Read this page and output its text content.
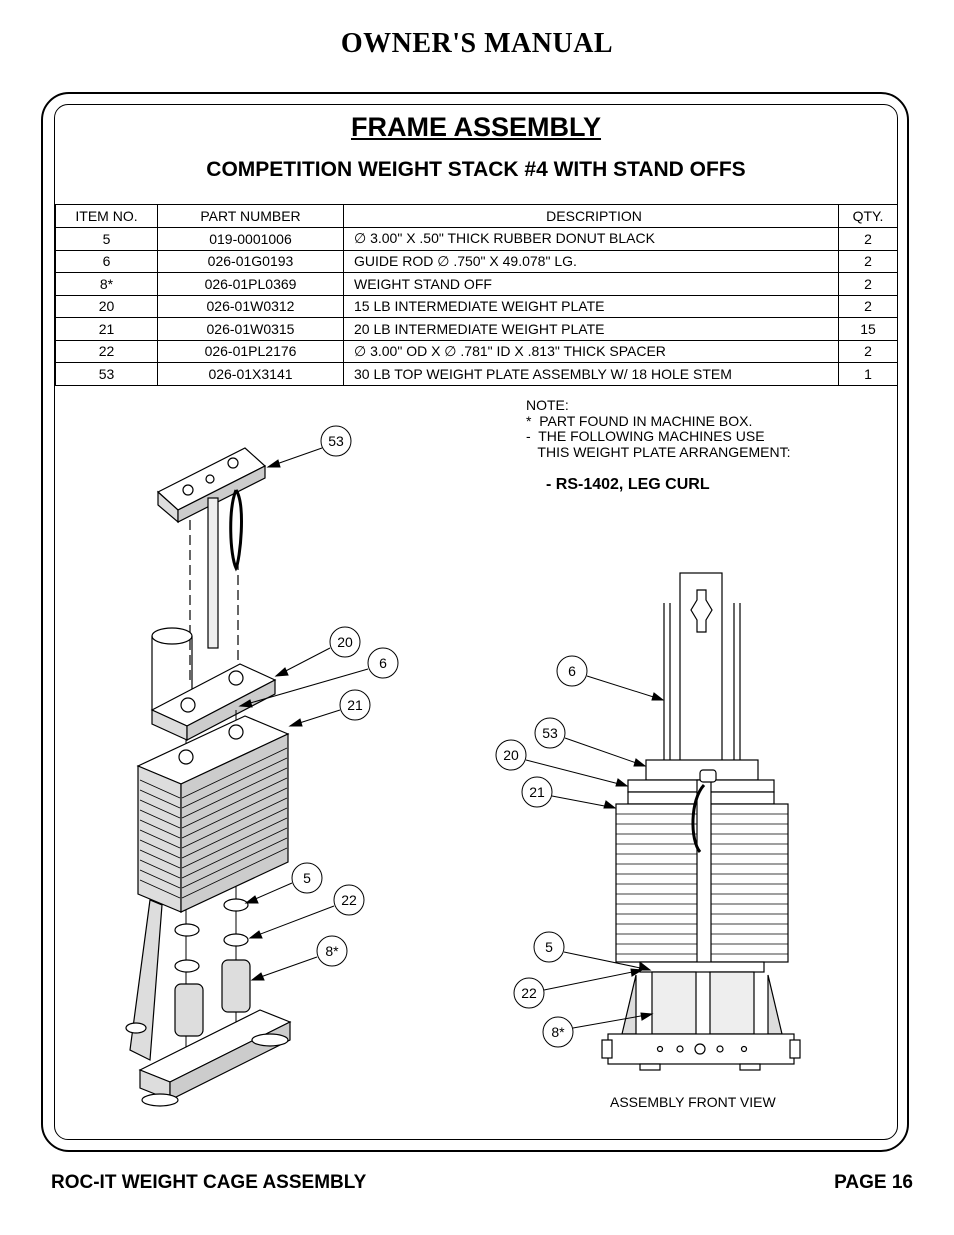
OWNER'S MANUAL
FRAME ASSEMBLY
COMPETITION WEIGHT STACK #4 WITH STAND OFFS
ITEM NO.	PART NUMBER	DESCRIPTION	QTY.
5	019-0001006	∅ 3.00" X .50" THICK RUBBER DONUT BLACK	2
6	026-01G0193	GUIDE ROD ∅ .750" X 49.078" LG.	2
8*	026-01PL0369	WEIGHT STAND OFF	2
20	026-01W0312	15 LB INTERMEDIATE WEIGHT PLATE	2
21	026-01W0315	20 LB INTERMEDIATE WEIGHT PLATE	15
22	026-01PL2176	∅ 3.00" OD X ∅ .781" ID X .813" THICK SPACER	2
53	026-01X3141	30 LB TOP WEIGHT PLATE ASSEMBLY W/ 18 HOLE STEM	1
NOTE:
*  PART FOUND IN MACHINE BOX.
-  THE FOLLOWING MACHINES USE
THIS WEIGHT PLATE ARRANGEMENT:
- RS-1402, LEG CURL
53
20
6
21
5
22
8*
6
53
20
21
5
22
8*
ASSEMBLY FRONT VIEW
ROC-IT WEIGHT CAGE ASSEMBLY	PAGE 16
